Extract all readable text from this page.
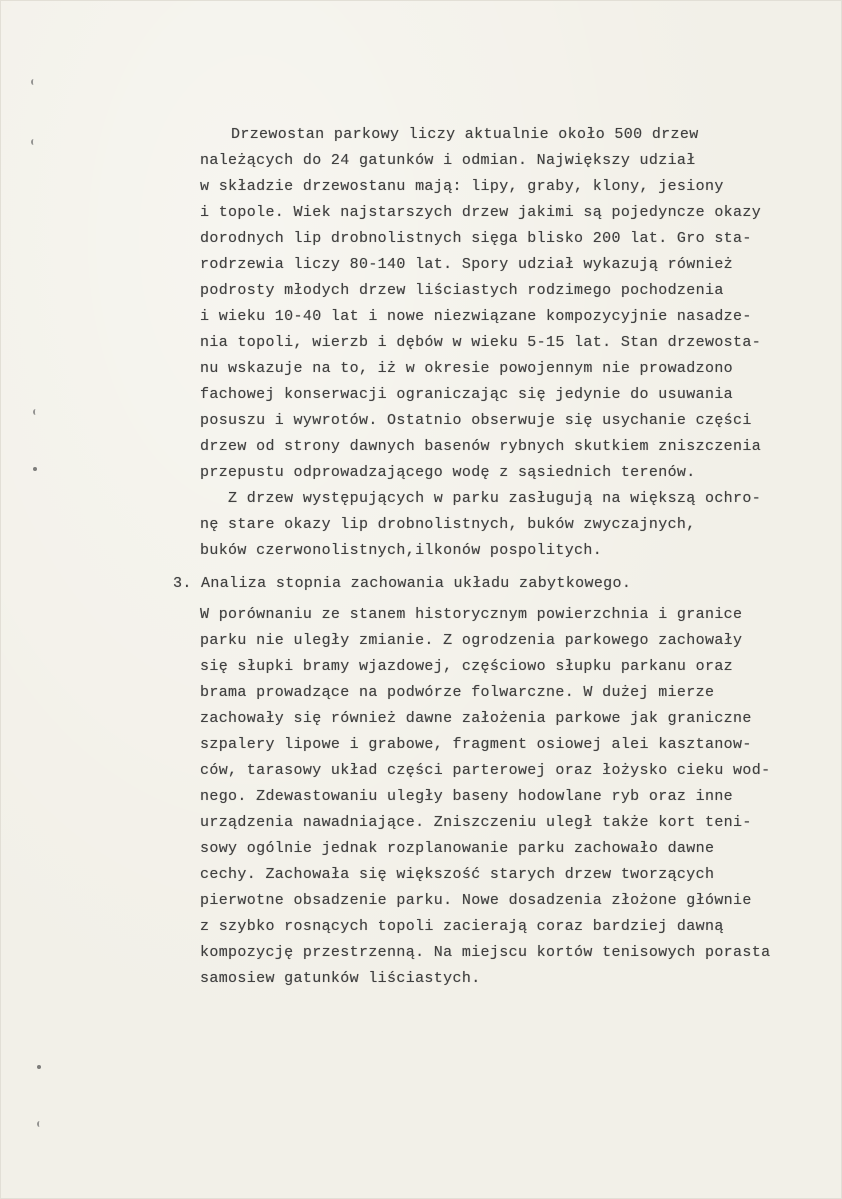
Drzewostan parkowy liczy aktualnie około 500 drzew
należących do 24 gatunków i odmian. Największy udział
w składzie drzewostanu mają: lipy, graby, klony, jesiony
i topole. Wiek najstarszych drzew jakimi są pojedyncze okazy
dorodnych lip drobnolistnych sięga blisko 200 lat. Gro sta-
rodrzewia liczy 80-140 lat. Spory udział wykazują również
podrosty młodych drzew liściastych rodzimego pochodzenia
i wieku 10-40 lat i nowe niezwiązane kompozycyjnie nasadze-
nia topoli, wierzb i dębów w wieku 5-15 lat. Stan drzewosta-
nu wskazuje na to, iż w okresie powojennym nie prowadzono
fachowej konserwacji ograniczając się jedynie do usuwania
posuszu i wywrotów. Ostatnio obserwuje się usychanie części
drzew od strony dawnych basenów rybnych skutkiem zniszczenia
przepustu odprowadzającego wodę z sąsiednich terenów.
Z drzew występujących w parku zasługują na większą ochro-
nę stare okazy lip drobnolistnych, buków zwyczajnych,
buków czerwonolistnych,ilkonów pospolitych.
3. Analiza stopnia zachowania układu zabytkowego.
W porównaniu ze stanem historycznym powierzchnia i granice
parku nie uległy zmianie. Z ogrodzenia parkowego zachowały
się słupki bramy wjazdowej, częściowo słupku parkanu oraz
brama prowadzące na podwórze folwarczne. W dużej mierze
zachowały się również dawne założenia parkowe jak graniczne
szpalery lipowe i grabowe, fragment osiowej alei kasztanow-
ców, tarasowy układ części parterowej oraz łożysko cieku wod-
nego. Zdewastowaniu uległy baseny hodowlane ryb oraz inne
urządzenia nawadniające. Zniszczeniu uległ także kort teni-
sowy ogólnie jednak rozplanowanie parku zachowało dawne
cechy. Zachowała się większość starych drzew tworzących
pierwotne obsadzenie parku. Nowe dosadzenia złożone głównie
z szybko rosnących topoli zacierają coraz bardziej dawną
kompozycję przestrzenną. Na miejscu kortów tenisowych porasta
samosiew gatunków liściastych.
